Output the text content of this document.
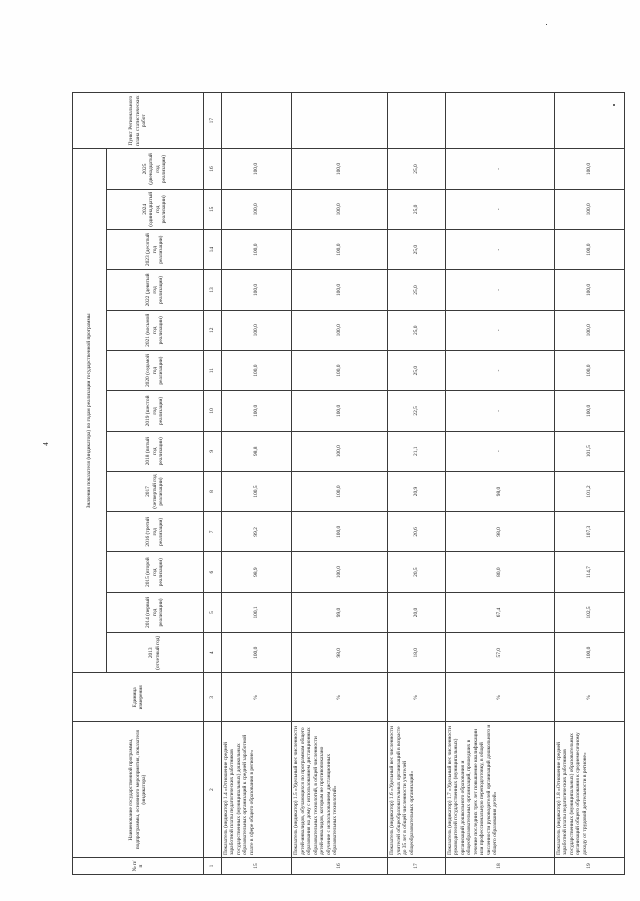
4
№ п/п	Наименование государственной программы, подпрограммы, основного мероприятия, показателя (индикатора)	Единица измерения	Значения показателя (индикатора) по годам реализации государственной программы													Пункт Регионального плана статистических работ
			2013 (отчетный год)	2014 (первый год реализации)	2015 (второй год реализации)	2016 (третий год реализации)	2017 (четвертый год реализации)	2018 (пятый год реализации)	2019 (шестой год реализации)	2020 (седьмой год реализации)	2021 (восьмой год реализации)	2022 (девятый год реализации)	2023 (десятый год реализации)	2024 (одиннадцатый год реализации)	2025 (двенадцатый год реализации)	
1	2	3	4	5	6	7	8	9	10	11	12	13	14	15	16	17
15	Показатель (индикатор) 1.4 «Отношение средней заработной платы педагогических работников государственных (муниципальных) дошкольных образовательных организаций к средней заработной плате в сфере общего образования в регионе»	%	100,0	100,1	98,9	99,2	100,5	98,8	100,0	100,0	100,0	100,0	100,0	100,0	100,0	
16	Показатель (индикатор) 1.5 «Удельный вес численности детей-инвалидов, обучающихся по программам общего образования на дому с использованием дистанционных образовательных технологий, в общей численности детей-инвалидов, которым не противопоказано обучение с использованием дистанционных образовательных технологий»	%	98,0	99,0	100,0	100,0	100,0	100,0	100,0	100,0	100,0	100,0	100,0	100,0	100,0	
17	Показатель (индикатор) 1.6 «Удельный вес численности учителей общеобразовательных организаций в возрасте до 35 лет в общей численности учителей общеобразовательных организаций»	%	18,0	20,0	20,5	20,6	20,9	21,1	22,5	25,0	25,0	25,0	25,0	25,0	25,0	
18	Показатель (индикатор) 1.7 «Удельный вес численности руководителей государственных (муниципальных) организаций дошкольного образования и общеобразовательных организаций, прошедших в течение последних трех лет повышение квалификации или профессиональную переподготовку, в общей численности руководителей организаций дошкольного и общего образования детей»	%	57,0	67,4	80,0	98,0	98,0	-	-	-	-	-	-	-	-	
19	Показатель (индикатор) 1.8 «Отношение средней заработной платы педагогических работников государственных (муниципальных) образовательных организаций общего образования к среднемесячному доходу от трудовой деятельности в регионе»	%	100,0	102,5	114,7	107,3	101,2	101,5	100,0	100,0	100,0	100,0	100,0	100,0	100,0	
